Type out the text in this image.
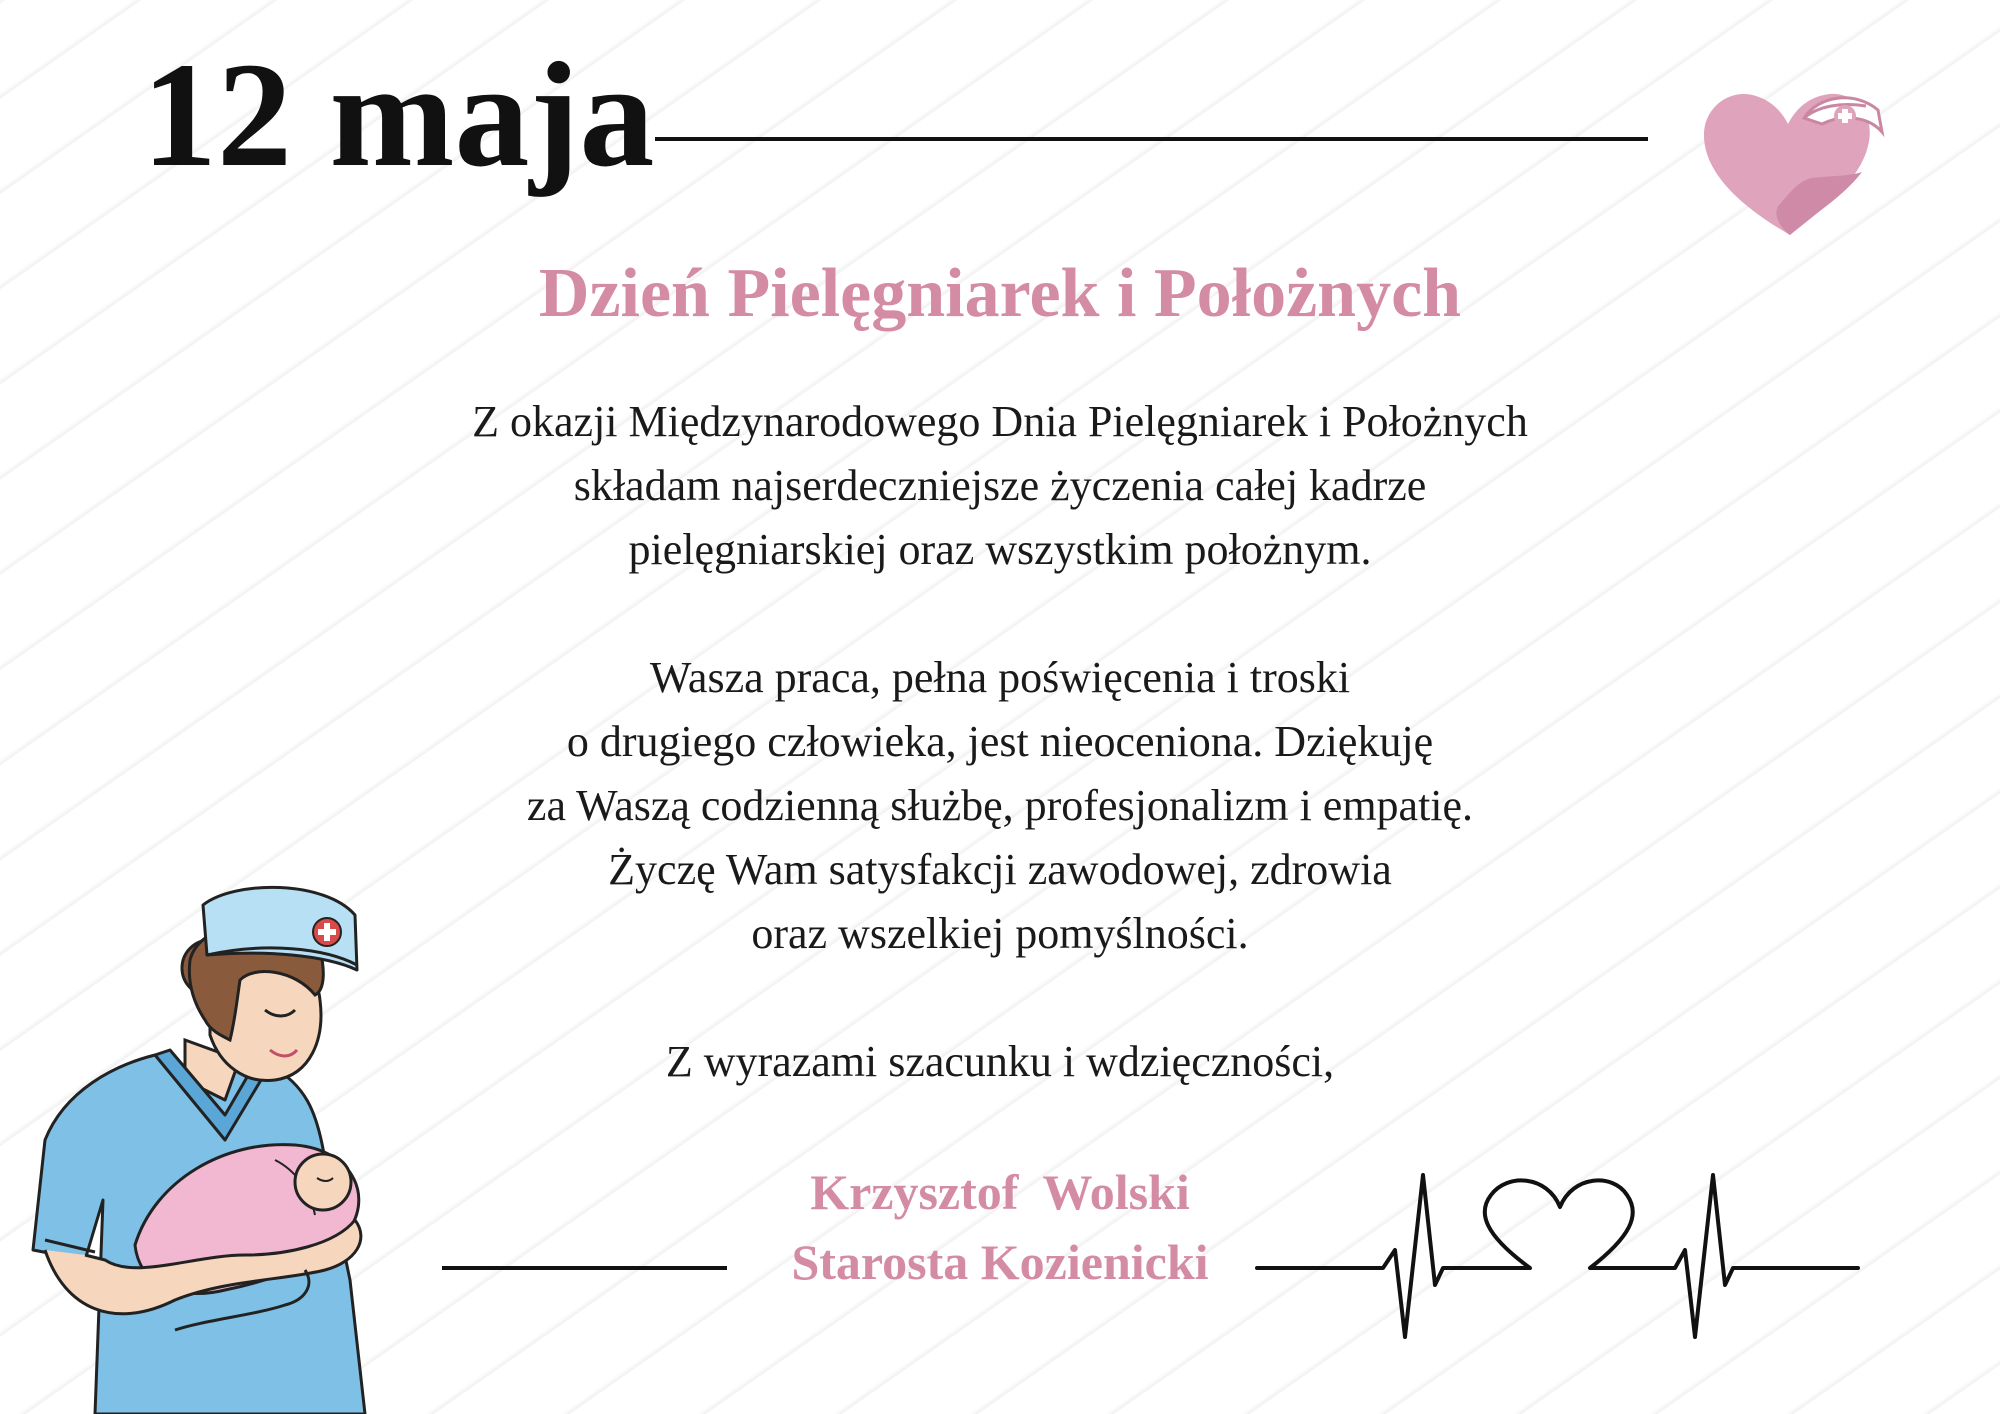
12 maja
Dzień Pielęgniarek i Położnych

Z okazji Międzynarodowego Dnia Pielęgniarek i Położnych

składam najserdeczniejsze życzenia całej kadrze

pielęgniarskiej oraz wszystkim położnym.

Wasza praca, pełna poświęcenia i troski

o drugiego człowieka, jest nieoceniona. Dziękuję

za Waszą codzienną służbę, profesjonalizm i empatię.

Życzę Wam satysfakcji zawodowej, zdrowia

oraz wszelkiej pomyślności.

Z wyrazami szacunku i wdzięczności,

Krzysztof  Wolski

Starosta Kozienicki
